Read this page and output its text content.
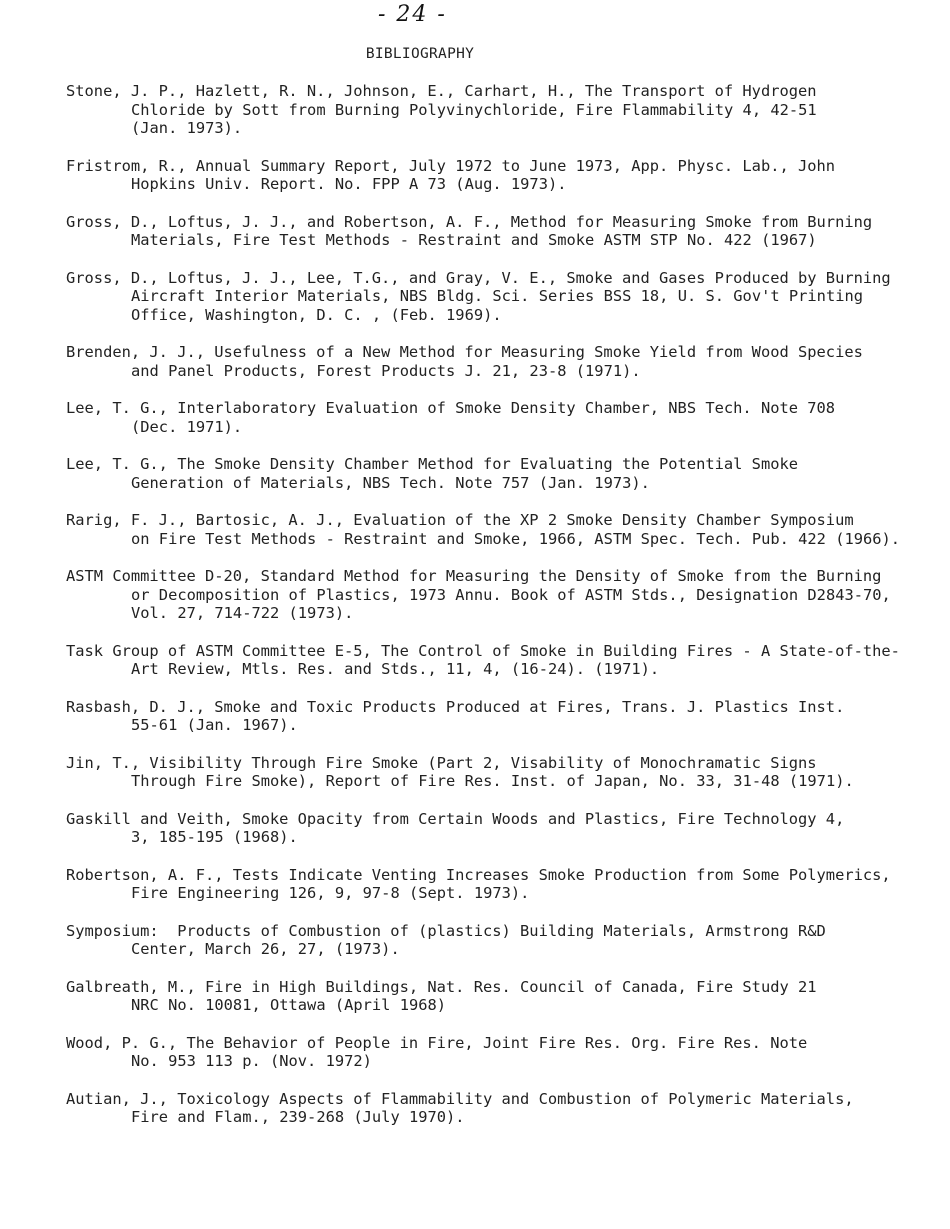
- 24 -
BIBLIOGRAPHY
Stone, J. P., Hazlett, R. N., Johnson, E., Carhart, H., The Transport of Hydrogen
Chloride by Sott from Burning Polyvinychloride, Fire Flammability 4, 42-51
(Jan. 1973).
Fristrom, R., Annual Summary Report, July 1972 to June 1973, App. Physc. Lab., John
Hopkins Univ. Report. No. FPP A 73 (Aug. 1973).
Gross, D., Loftus, J. J., and Robertson, A. F., Method for Measuring Smoke from Burning
Materials, Fire Test Methods - Restraint and Smoke ASTM STP No. 422 (1967)
Gross, D., Loftus, J. J., Lee, T.G., and Gray, V. E., Smoke and Gases Produced by Burning
Aircraft Interior Materials, NBS Bldg. Sci. Series BSS 18, U. S. Gov't Printing
Office, Washington, D. C. , (Feb. 1969).
Brenden, J. J., Usefulness of a New Method for Measuring Smoke Yield from Wood Species
and Panel Products, Forest Products J. 21, 23-8 (1971).
Lee, T. G., Interlaboratory Evaluation of Smoke Density Chamber, NBS Tech. Note 708
(Dec. 1971).
Lee, T. G., The Smoke Density Chamber Method for Evaluating the Potential Smoke
Generation of Materials, NBS Tech. Note 757 (Jan. 1973).
Rarig, F. J., Bartosic, A. J., Evaluation of the XP 2 Smoke Density Chamber Symposium
on Fire Test Methods - Restraint and Smoke, 1966, ASTM Spec. Tech. Pub. 422 (1966).
ASTM Committee D-20, Standard Method for Measuring the Density of Smoke from the Burning
or Decomposition of Plastics, 1973 Annu. Book of ASTM Stds., Designation D2843-70,
Vol. 27, 714-722 (1973).
Task Group of ASTM Committee E-5, The Control of Smoke in Building Fires - A State-of-the-
Art Review, Mtls. Res. and Stds., 11, 4, (16-24). (1971).
Rasbash, D. J., Smoke and Toxic Products Produced at Fires, Trans. J. Plastics Inst.
55-61 (Jan. 1967).
Jin, T., Visibility Through Fire Smoke (Part 2, Visability of Monochramatic Signs
Through Fire Smoke), Report of Fire Res. Inst. of Japan, No. 33, 31-48 (1971).
Gaskill and Veith, Smoke Opacity from Certain Woods and Plastics, Fire Technology 4,
3, 185-195 (1968).
Robertson, A. F., Tests Indicate Venting Increases Smoke Production from Some Polymerics,
Fire Engineering 126, 9, 97-8 (Sept. 1973).
Symposium:  Products of Combustion of (plastics) Building Materials, Armstrong R&D
Center, March 26, 27, (1973).
Galbreath, M., Fire in High Buildings, Nat. Res. Council of Canada, Fire Study 21
NRC No. 10081, Ottawa (April 1968)
Wood, P. G., The Behavior of People in Fire, Joint Fire Res. Org. Fire Res. Note
No. 953 113 p. (Nov. 1972)
Autian, J., Toxicology Aspects of Flammability and Combustion of Polymeric Materials,
Fire and Flam., 239-268 (July 1970).
